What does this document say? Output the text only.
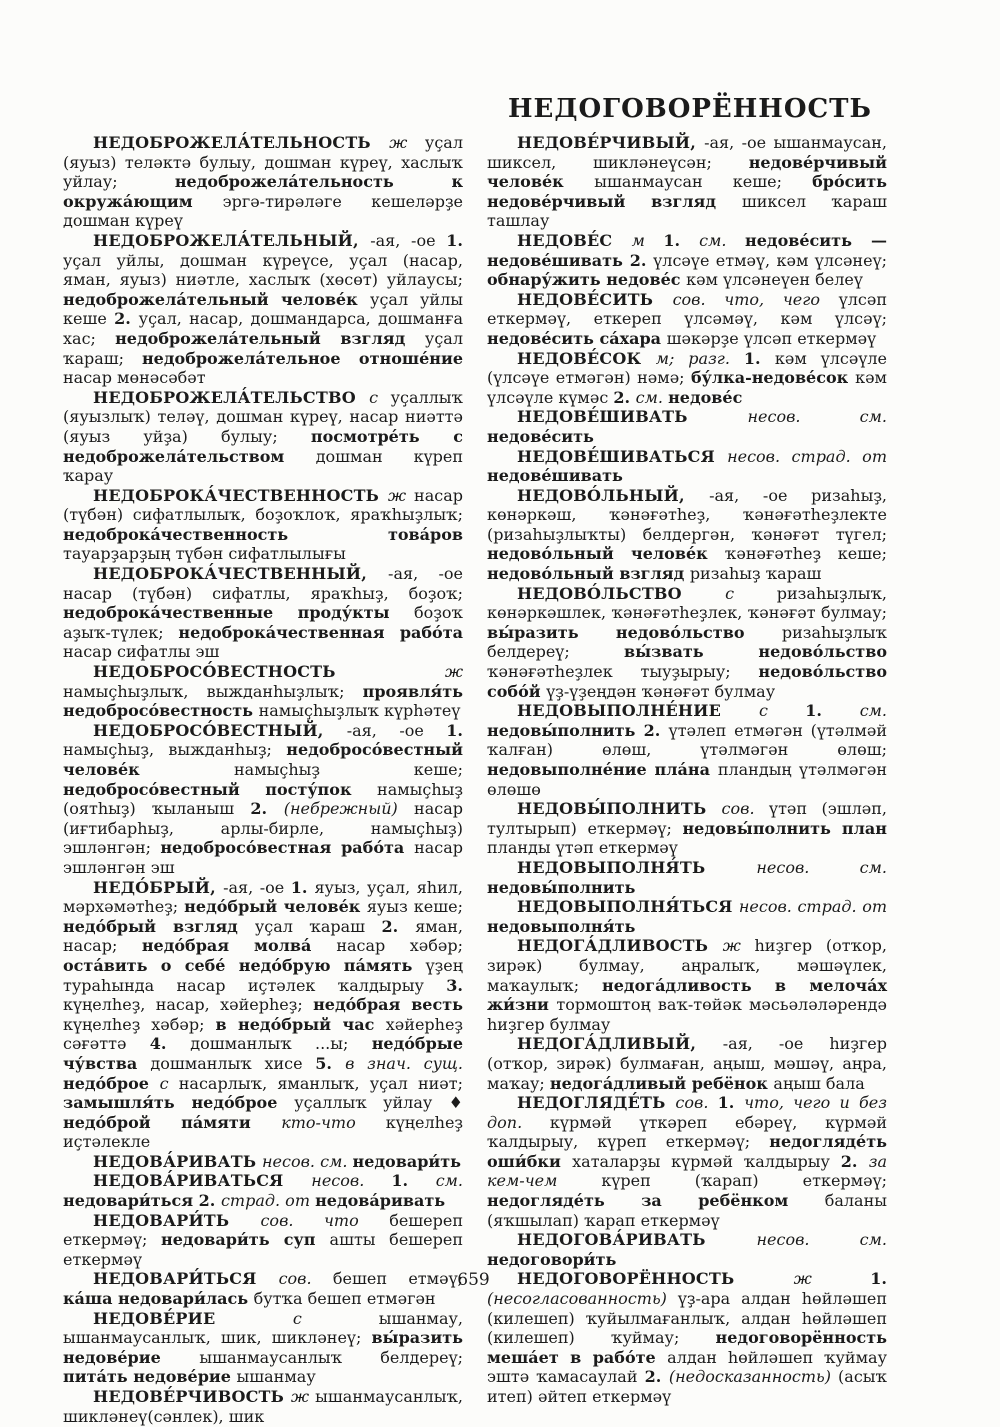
НЕДОГОВОРЁННОСТЬ

НЕДОБРОЖЕЛА́ТЕЛЬНОСТЬ ж уҫал (яуыз) теләктә булыу, дошман күреү, хаслыҡ уйлау; недоброжела́тельность к окружа́ющим эргә-тирәләге кешеләрҙе дошман күреү

НЕДОБРОЖЕЛА́ТЕЛЬНЫЙ, -ая, -ое 1. уҫал уйлы, дошман күреүсе, уҫал (насар, яман, яуыз) ниәтле, хаслыҡ (хөсөт) уйлаусы; недоброжела́тельный челове́к уҫал уйлы кеше 2. уҫал, насар, дошмандарса, дошманға хас; недоброжела́тельный взгляд уҫал ҡараш; недоброжела́тельное отноше́ние насар мөнәсәбәт

НЕДОБРОЖЕЛА́ТЕЛЬСТВО с уҫаллыҡ (яуызлыҡ) теләү, дошман күреү, насар ниәттә (яуыз уйҙа) булыу; посмотре́ть с недоброжела́тельством дошман күреп ҡарау

НЕДОБРОКА́ЧЕСТВЕННОСТЬ ж насар (түбән) сифатлылыҡ, боҙоҡлоҡ, яраҡһыҙлыҡ; недоброка́чественность това́ров тауарҙарҙың түбән сифатлылығы

НЕДОБРОКА́ЧЕСТВЕННЫЙ, -ая, -ое насар (түбән) сифатлы, яраҡһыҙ, боҙоҡ; недоброка́чественные проду́кты боҙоҡ аҙыҡ-түлек; недоброка́чественная рабо́та насар сифатлы эш

НЕДОБРОСО́ВЕСТНОСТЬ ж намыҫһыҙлыҡ, выжданһыҙлыҡ; проявля́ть недобросо́вестность намыҫһыҙлыҡ күрһәтеү

НЕДОБРОСО́ВЕСТНЫЙ, -ая, -ое 1. намыҫһыҙ, выжданһыҙ; недобросо́вестный челове́к намыҫһыҙ кеше; недобросо́вестный посту́пок намыҫһыҙ (оятһыҙ) ҡыланыш 2. (небрежный) насар (иғтибарһыҙ, арлы-бирле, намыҫһыҙ) эшләнгән; недобросо́вестная рабо́та насар эшләнгән эш

НЕДО́БРЫЙ, -ая, -ое 1. яуыз, уҫал, яһил, мәрхәмәтһеҙ; недо́брый челове́к яуыз кеше; недо́брый взгляд уҫал ҡараш 2. яман, насар; недо́брая молва́ насар хәбәр; оста́вить о себе́ недо́брую па́мять үҙең тураһында насар иҫтәлек ҡалдырыу 3. күңелһеҙ, насар, хәйерһеҙ; недо́брая весть күңелһеҙ хәбәр; в недо́брый час хәйерһеҙ сәғәттә 4. дошманлыҡ ...ы; недо́брые чу́вства дошманлыҡ хисе 5. в знач. сущ. недо́брое с насарлыҡ, яманлыҡ, уҫал ниәт; замышля́ть недо́брое уҫаллыҡ уйлау ♦ недо́брой па́мяти кто-что күңелһеҙ иҫтәлекле

НЕДОВА́РИВАТЬ несов. см. недовари́ть

НЕДОВА́РИВАТЬСЯ несов. 1. см. недовари́ться 2. страд. от недова́ривать

НЕДОВАРИ́ТЬ сов. что бешереп еткермәү; недовари́ть суп ашты бешереп еткермәү

НЕДОВАРИ́ТЬСЯ сов. бешеп етмәү; ка́ша недовари́лась бутҡа бешеп етмәгән

НЕДОВЕ́РИЕ с ышанмау, ышанмаусанлыҡ, шик, шикләнеү; вы́разить недове́рие ышанмаусанлыҡ белдереү; пита́ть недове́рие ышанмау

НЕДОВЕ́РЧИВОСТЬ ж ышанмаусанлыҡ, шикләнеү(сәнлек), шик

НЕДОВЕ́РЧИВЫЙ, -ая, -ое ышанмаусан, шиксел, шикләнеүсән; недове́рчивый челове́к ышанмаусан кеше; бро́сить недове́рчивый взгляд шиксел ҡараш ташлау

НЕДОВЕ́С м 1. см. недове́сить — недове́шивать 2. үлсәүе етмәү, кәм үлсәнеү; обнару́жить недове́с кәм үлсәнеүен белеү

НЕДОВЕ́СИТЬ сов. что, чего үлсәп еткермәү, еткереп үлсәмәү, кәм үлсәү; недове́сить са́хара шәкәрҙе үлсәп еткермәү

НЕДОВЕ́СОК м; разг. 1. кәм үлсәүле (үлсәүе етмәгән) нәмә; бу́лка-недове́сок кәм үлсәүле күмәс 2. см. недове́с

НЕДОВЕ́ШИВАТЬ несов. см. недове́сить

НЕДОВЕ́ШИВАТЬСЯ несов. страд. от недове́шивать

НЕДОВО́ЛЬНЫЙ, -ая, -ое ризаһыҙ, көнәркәш, ҡәнәғәтһеҙ, ҡәнәғәтһеҙлекте (ризаһыҙлыҡты) белдергән, ҡәнәғәт түгел; недово́льный челове́к ҡәнәғәтһеҙ кеше; недово́льный взгляд ризаһыҙ ҡараш

НЕДОВО́ЛЬСТВО с ризаһыҙлыҡ, көнәркәшлек, ҡәнәғәтһеҙлек, ҡәнәғәт булмау; вы́разить недово́льство ризаһыҙлыҡ белдереү; вы́звать недово́льство ҡәнәғәтһеҙлек тыуҙырыу; недово́льство собо́й үҙ-үҙеңдән ҡәнәғәт булмау

НЕДОВЫПОЛНЕ́НИЕ с 1. см. недовы́полнить 2. үтәлеп етмәгән (үтәлмәй ҡалған) өлөш, үтәлмәгән өлөш; недовыполне́ние пла́на пландың үтәлмәгән өлөшө

НЕДОВЫ́ПОЛНИТЬ сов. үтәп (эшләп, тултырып) еткермәү; недовы́полнить план планды үтәп еткермәү

НЕДОВЫПОЛНЯ́ТЬ несов. см. недовы́полнить

НЕДОВЫПОЛНЯ́ТЬСЯ несов. страд. от недовыполня́ть

НЕДОГА́ДЛИВОСТЬ ж һиҙгер (отҡор, зирәк) булмау, аңралыҡ, мәшәүлек, маҡаулыҡ; недога́дливость в мелоча́х жи́зни тормоштоң ваҡ-төйәк мәсьәләләрендә һиҙгер булмау

НЕДОГА́ДЛИВЫЙ, -ая, -ое һиҙгер (отҡор, зирәк) булмаған, аңыш, мәшәү, аңра, маҡау; недога́дливый ребёнок аңыш бала

НЕДОГЛЯДЕ́ТЬ сов. 1. что, чего и без доп. күрмәй үткәреп ебәреү, күрмәй ҡалдырыу, күреп еткермәү; недогляде́ть оши́бки хаталарҙы күрмәй ҡалдырыу 2. за кем-чем күреп (ҡарап) еткермәү; недогляде́ть за ребёнком баланы (яҡшылап) ҡарап еткермәү

НЕДОГОВА́РИВАТЬ несов. см. недоговори́ть

НЕДОГОВОРЁННОСТЬ ж 1. (несогласованность) үҙ-ара алдан һөйләшеп (килешеп) ҡуйылмағанлыҡ, алдан һөйләшеп (килешеп) ҡуймау; недоговорённость меша́ет в рабо́те алдан һөйләшеп ҡуймау эштә ҡамасаулай 2. (недосказанность) (асыҡ итеп) әйтеп еткермәү

659
